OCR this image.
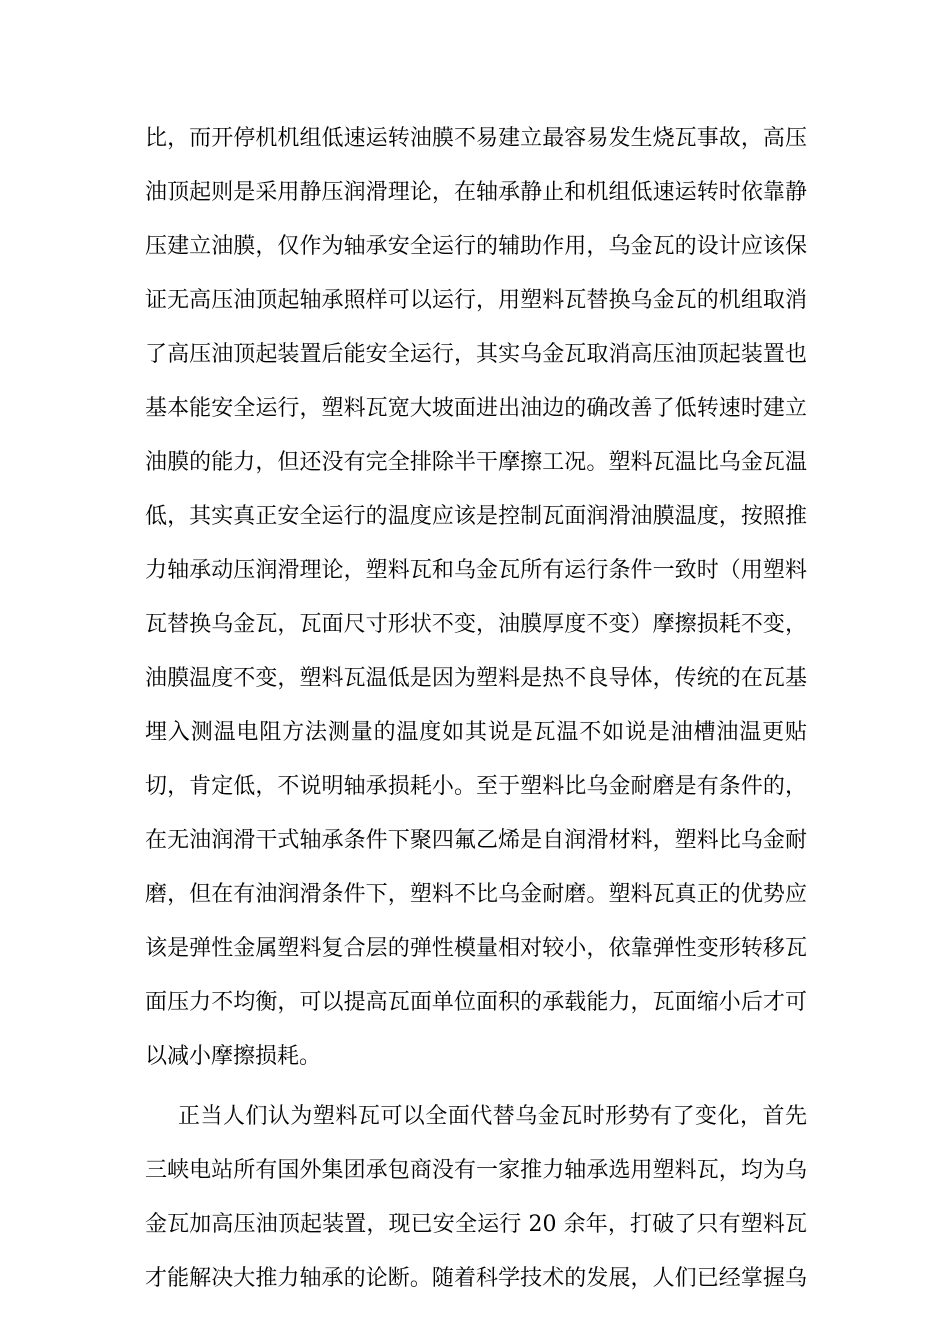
比，而开停机机组低速运转油膜不易建立最容易发生烧瓦事故，高压
油顶起则是采用静压润滑理论，在轴承静止和机组低速运转时依靠静
压建立油膜，仅作为轴承安全运行的辅助作用，乌金瓦的设计应该保
证无高压油顶起轴承照样可以运行，用塑料瓦替换乌金瓦的机组取消
了高压油顶起装置后能安全运行，其实乌金瓦取消高压油顶起装置也
基本能安全运行，塑料瓦宽大坡面进出油边的确改善了低转速时建立
油膜的能力，但还没有完全排除半干摩擦工况。塑料瓦温比乌金瓦温
低，其实真正安全运行的温度应该是控制瓦面润滑油膜温度，按照推
力轴承动压润滑理论，塑料瓦和乌金瓦所有运行条件一致时（用塑料
瓦替换乌金瓦，瓦面尺寸形状不变，油膜厚度不变）摩擦损耗不变，
油膜温度不变，塑料瓦温低是因为塑料是热不良导体，传统的在瓦基
埋入测温电阻方法测量的温度如其说是瓦温不如说是油槽油温更贴
切，肯定低，不说明轴承损耗小。至于塑料比乌金耐磨是有条件的，
在无油润滑干式轴承条件下聚四氟乙烯是自润滑材料，塑料比乌金耐
磨，但在有油润滑条件下，塑料不比乌金耐磨。塑料瓦真正的优势应
该是弹性金属塑料复合层的弹性模量相对较小，依靠弹性变形转移瓦
面压力不均衡，可以提高瓦面单位面积的承载能力，瓦面缩小后才可
以减小摩擦损耗。
正当人们认为塑料瓦可以全面代替乌金瓦时形势有了变化，首先
三峡电站所有国外集团承包商没有一家推力轴承选用塑料瓦，均为乌
金瓦加高压油顶起装置，现已安全运行 20 余年，打破了只有塑料瓦
才能解决大推力轴承的论断。随着科学技术的发展，人们已经掌握乌
